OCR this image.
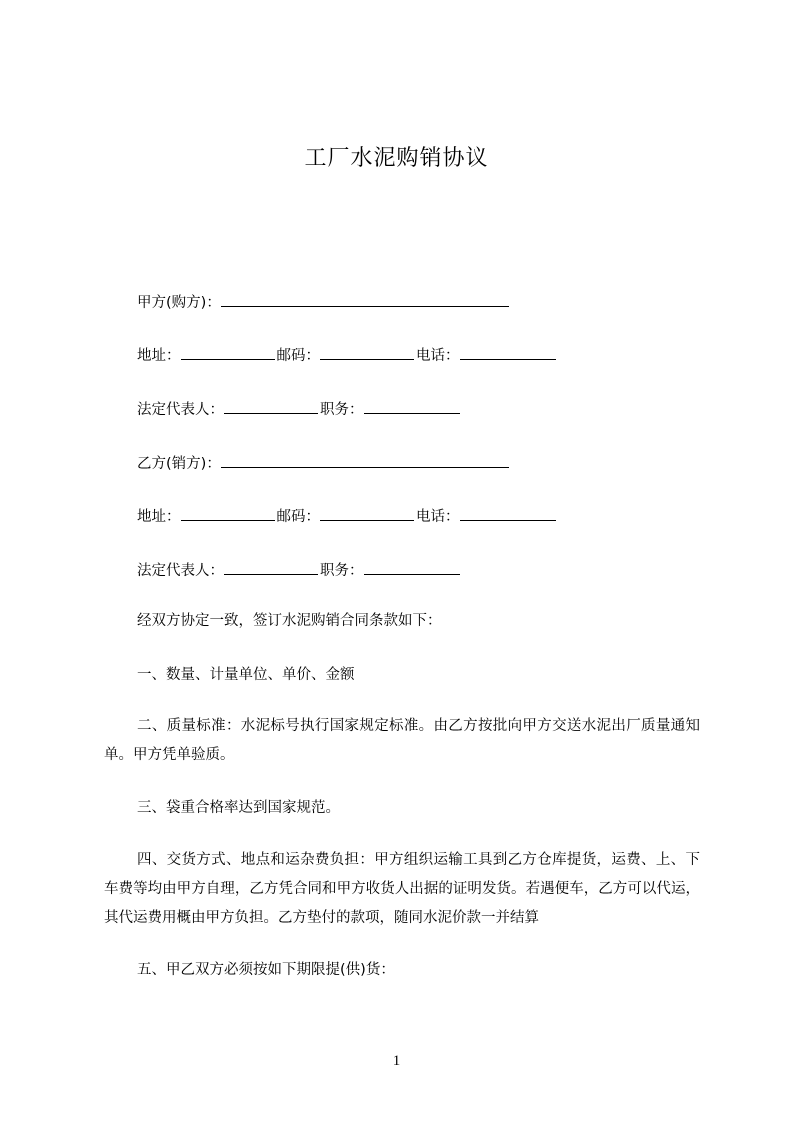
工厂水泥购销协议
甲方(购方)：
地址：	邮码：	电话：
法定代表人：	职务：
乙方(销方)：
地址：	邮码：	电话：
法定代表人：	职务：
经双方协定一致，签订水泥购销合同条款如下：
一、数量、计量单位、单价、金额
二、质量标准：水泥标号执行国家规定标准。由乙方按批向甲方交送水泥出厂质量通知单。甲方凭单验质。
三、袋重合格率达到国家规范。
四、交货方式、地点和运杂费负担：甲方组织运输工具到乙方仓库提货，运费、上、下车费等均由甲方自理，乙方凭合同和甲方收货人出据的证明发货。若遇便车，乙方可以代运，其代运费用概由甲方负担。乙方垫付的款项，随同水泥价款一并结算
五、甲乙双方必须按如下期限提(供)货：
1
